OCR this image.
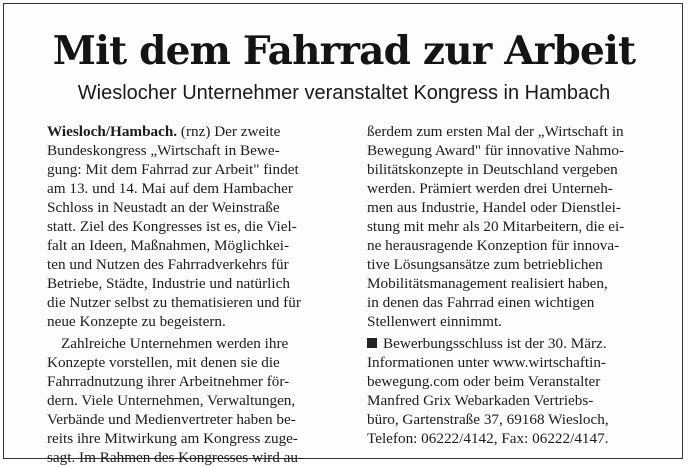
Mit dem Fahrrad zur Arbeit
Wieslocher Unternehmer veranstaltet Kongress in Hambach
Wiesloch/Hambach. (rnz) Der zweite
Bundeskongress „Wirtschaft in Bewe-
gung: Mit dem Fahrrad zur Arbeit" findet
am 13. und 14. Mai auf dem Hambacher
Schloss in Neustadt an der Weinstraße
statt. Ziel des Kongresses ist es, die Viel-
falt an Ideen, Maßnahmen, Möglichkei-
ten und Nutzen des Fahrradverkehrs für
Betriebe, Städte, Industrie und natürlich
die Nutzer selbst zu thematisieren und für
neue Konzepte zu begeistern.
Zahlreiche Unternehmen werden ihre
Konzepte vorstellen, mit denen sie die
Fahrradnutzung ihrer Arbeitnehmer för-
dern. Viele Unternehmen, Verwaltungen,
Verbände und Medienvertreter haben be-
reits ihre Mitwirkung am Kongress zuge-
sagt. Im Rahmen des Kongresses wird au-
ßerdem zum ersten Mal der „Wirtschaft in
Bewegung Award" für innovative Nahmo-
bilitätskonzepte in Deutschland vergeben
werden. Prämiert werden drei Unterneh-
men aus Industrie, Handel oder Dienstlei-
stung mit mehr als 20 Mitarbeitern, die ei-
ne herausragende Konzeption für innova-
tive Lösungsansätze zum betrieblichen
Mobilitätsmanagement realisiert haben,
in denen das Fahrrad einen wichtigen
Stellenwert einnimmt.
Bewerbungsschluss ist der 30. März.
Informationen unter www.wirtschaftin-
bewegung.com oder beim Veranstalter
Manfred Grix Webarkaden Vertriebs-
büro, Gartenstraße 37, 69168 Wiesloch,
Telefon: 06222/4142, Fax: 06222/4147.
